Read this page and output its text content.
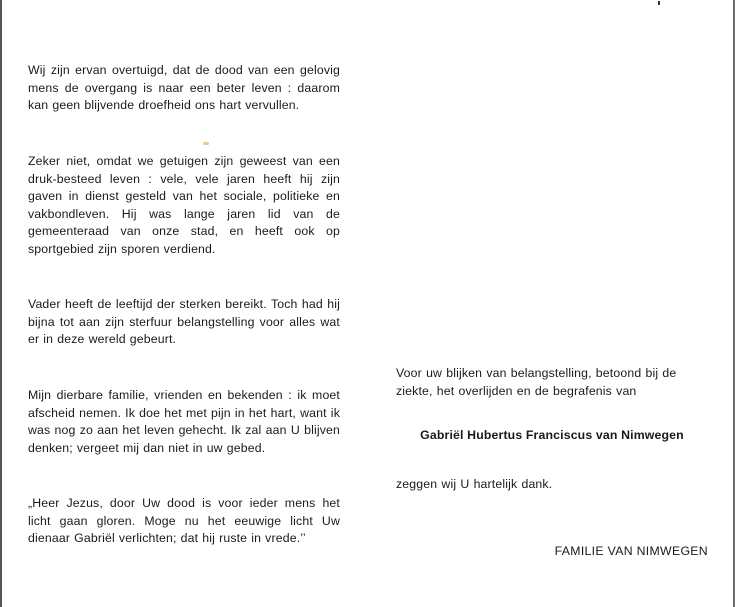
Wij zijn ervan overtuigd, dat de dood van een gelovig mens de overgang is naar een beter leven : daarom kan geen blijvende droefheid ons hart vervullen.

Zeker niet, omdat we getuigen zijn geweest van een druk-besteed leven : vele, vele jaren heeft hij zijn gaven in dienst gesteld van het sociale, politieke en vakbondleven. Hij was lange jaren lid van de gemeenteraad van onze stad, en heeft ook op sportgebied zijn sporen verdiend.

Vader heeft de leeftijd der sterken bereikt. Toch had hij bijna tot aan zijn sterfuur belangstelling voor alles wat er in deze wereld gebeurt.

Mijn dierbare familie, vrienden en bekenden : ik moet afscheid nemen. Ik doe het met pijn in het hart, want ik was nog zo aan het leven gehecht. Ik zal aan U blijven denken; vergeet mij dan niet in uw gebed.

„Heer Jezus, door Uw dood is voor ieder mens het licht gaan gloren. Moge nu het eeuwige licht Uw dienaar Gabriël verlichten; dat hij ruste in vrede.’’

Voor uw blijken van belangstelling, betoond bij de ziekte, het overlijden en de begrafenis van

Gabriël Hubertus Franciscus van Nimwegen

zeggen wij U hartelijk dank.

FAMILIE VAN NIMWEGEN
